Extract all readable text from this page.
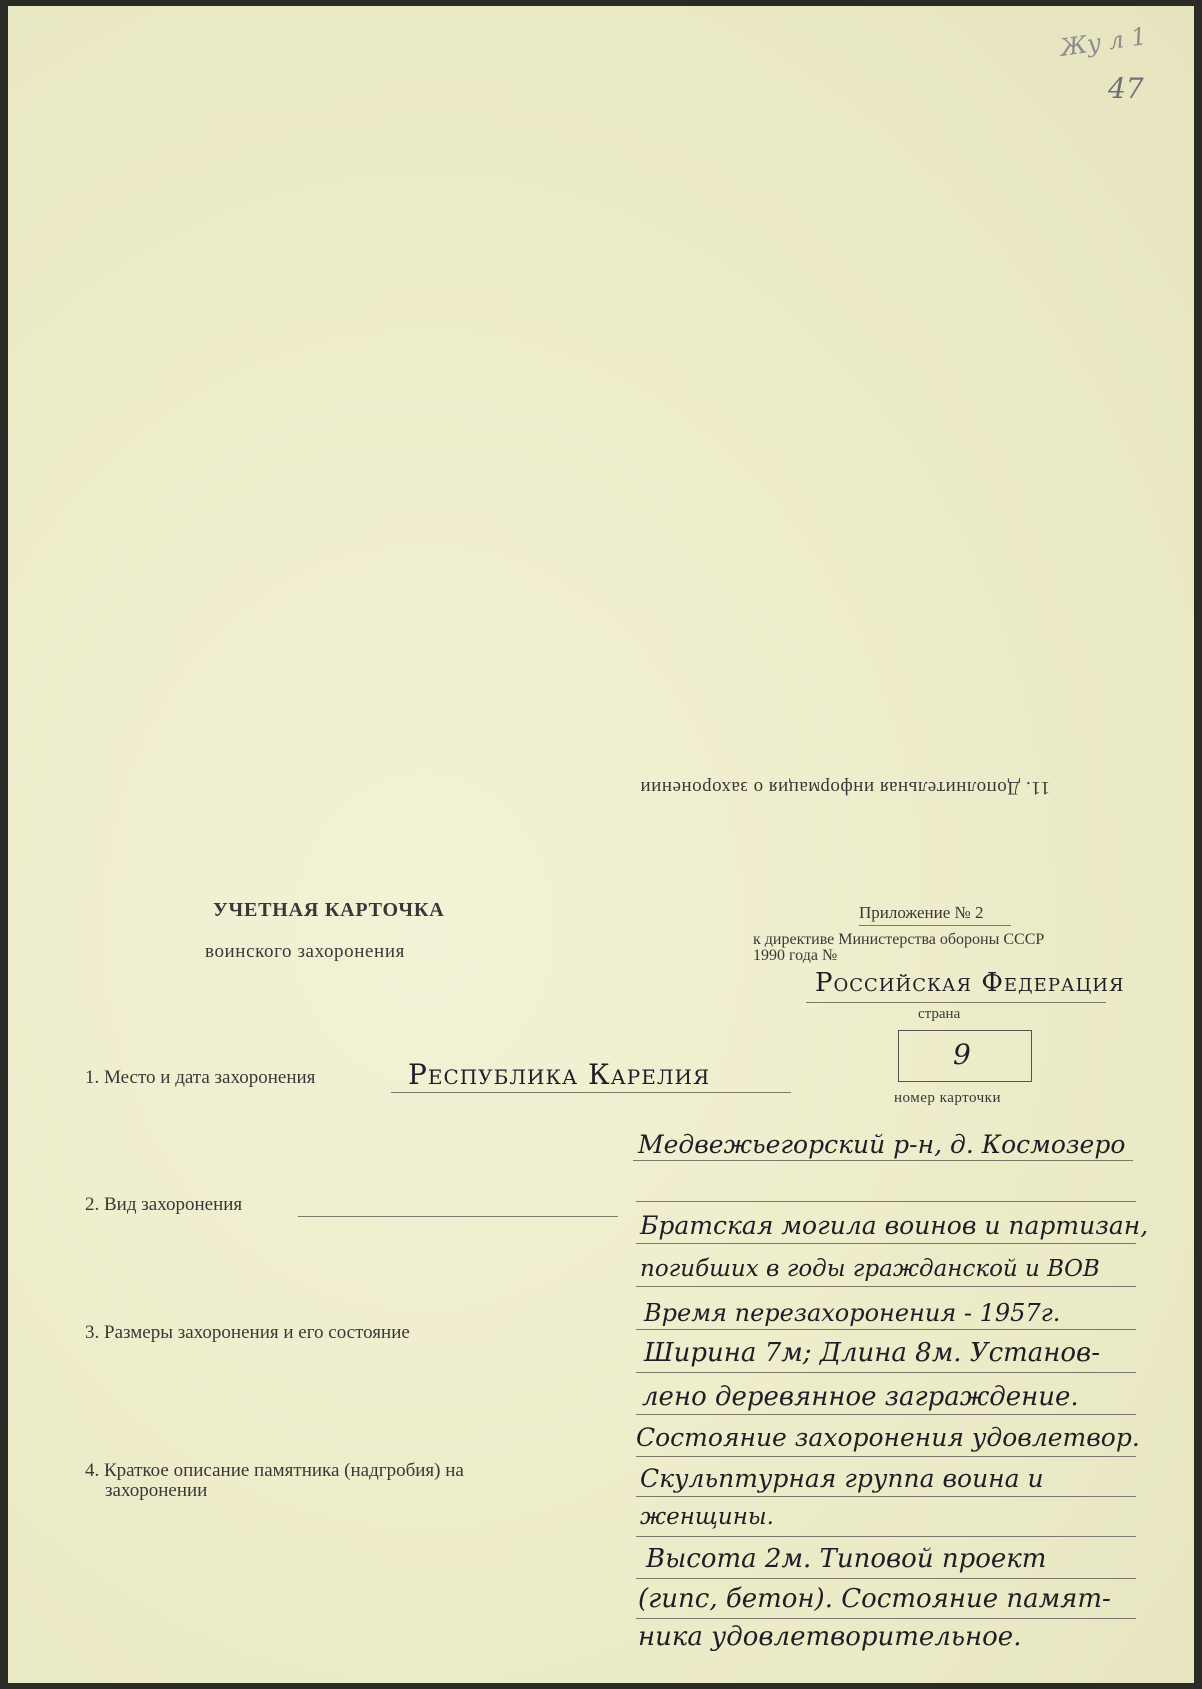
Жу л 1
47
11. Дополнительная информация о захоронении
УЧЕТНАЯ КАРТОЧКА
воинского захоронения
Приложение № 2
к директиве Министерства обороны СССР
1990 года №
Российская Федерация
страна
9
номер карточки
1. Место и дата захоронения	Республика Карелия
2. Вид захоронения
3. Размеры захоронения и его состояние
4. Краткое описание памятника (надгробия) на
захоронении
Медвежьегорский р-н, д. Космозеро
Братская могила воинов и партизан,
погибших в годы гражданской и ВОВ
Время перезахоронения - 1957г.
Ширина 7м; Длина 8м. Установ-
лено деревянное заграждение.
Состояние захоронения удовлетвор.
Скульптурная группа воина и
женщины.
Высота 2м. Типовой проект
(гипс, бетон). Состояние памят-
ника удовлетворительное.
